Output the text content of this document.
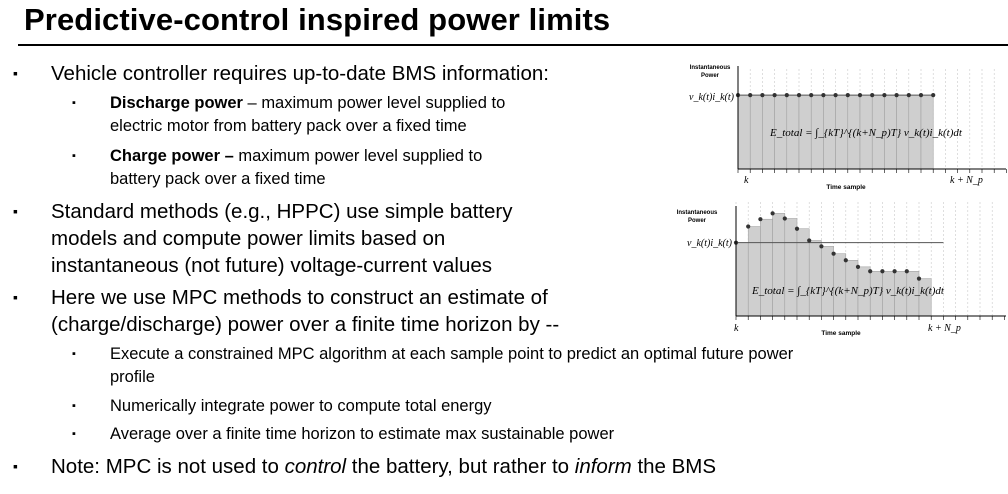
Predictive-control inspired power limits

▪ Vehicle controller requires up-to-date BMS information:

▪ Discharge power – maximum power level supplied to
electric motor from battery pack over a fixed time

▪ Charge power – maximum power level supplied to
battery pack over a fixed time

▪ Standard methods (e.g., HPPC) use simple battery
models and compute power limits based on
instantaneous (not future) voltage-current values

▪ Here we use MPC methods to construct an estimate of
(charge/discharge) power over a finite time horizon by --

▪ Execute a constrained MPC algorithm at each sample point to predict an optimal future power
profile

▪ Numerically integrate power to compute total energy

▪ Average over a finite time horizon to estimate max sustainable power

▪ Note: MPC is not used to control the battery, but rather to inform the BMS

Instantaneous
Power
v_k(t)i_k(t)
E_total = ∫_{kT}^{(k+N_p)T} v_k(t)i_k(t)dt
k	k + N_p
Time sample
Instantaneous
Power
v_k(t)i_k(t)
E_total = ∫_{kT}^{(k+N_p)T} v_k(t)i_k(t)dt
k	k + N_p
Time sample
